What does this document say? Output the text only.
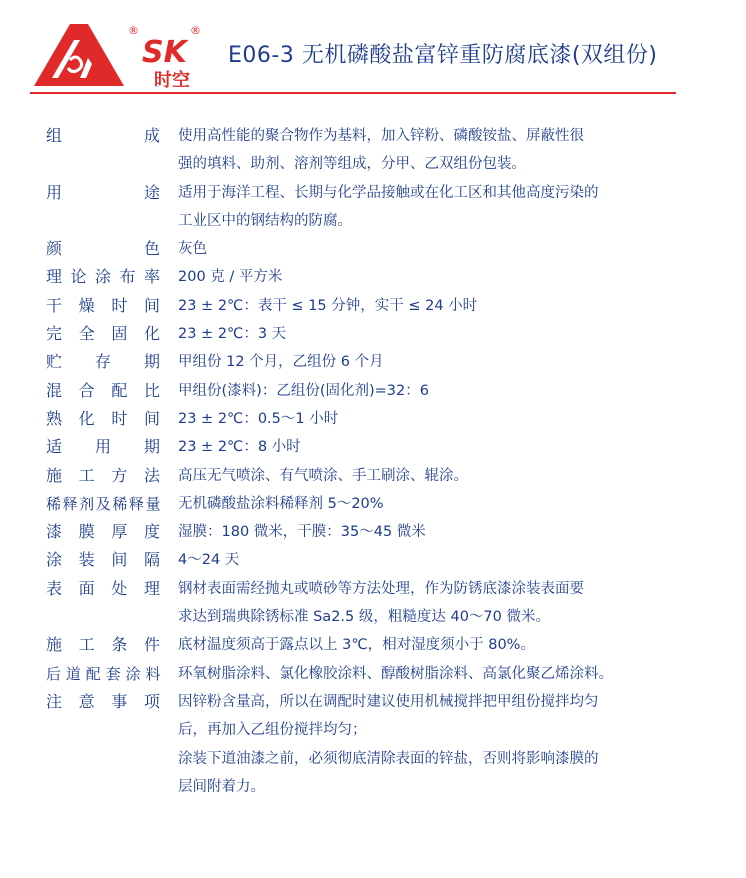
®	®
SK
时空
E06-3 无机磷酸盐富锌重防腐底漆(双组份)
组成 使用高性能的聚合物作为基料，加入锌粉、磷酸铵盐、屏蔽性很

强的填料、助剂、溶剂等组成，分甲、乙双组份包装。

用途 适用于海洋工程、长期与化学品接触或在化工区和其他高度污染的

工业区中的钢结构的防腐。

颜色 灰色

理论涂布率 200 克 / 平方米

干燥时间 23 ± 2℃：表干 ≤ 15 分钟，实干 ≤ 24 小时

完全固化 23 ± 2℃：3 天

贮存期 甲组份 12 个月，乙组份 6 个月

混合配比 甲组份(漆料)：乙组份(固化剂)=32：6

熟化时间 23 ± 2℃：0.5～1 小时

适用期 23 ± 2℃：8 小时

施工方法 高压无气喷涂、有气喷涂、手工刷涂、辊涂。

稀释剂及稀释量 无机磷酸盐涂料稀释剂 5～20%

漆膜厚度 湿膜：180 微米，干膜：35～45 微米

涂装间隔 4～24 天

表面处理 钢材表面需经抛丸或喷砂等方法处理，作为防锈底漆涂装表面要

求达到瑞典除锈标准 Sa2.5 级，粗糙度达 40～70 微米。

施工条件 底材温度须高于露点以上 3℃，相对湿度须小于 80%。

后道配套涂料 环氧树脂涂料、氯化橡胶涂料、醇酸树脂涂料、高氯化聚乙烯涂料。

注意事项 因锌粉含量高，所以在调配时建议使用机械搅拌把甲组份搅拌均匀

后，再加入乙组份搅拌均匀；

涂装下道油漆之前，必须彻底清除表面的锌盐，否则将影响漆膜的

层间附着力。
